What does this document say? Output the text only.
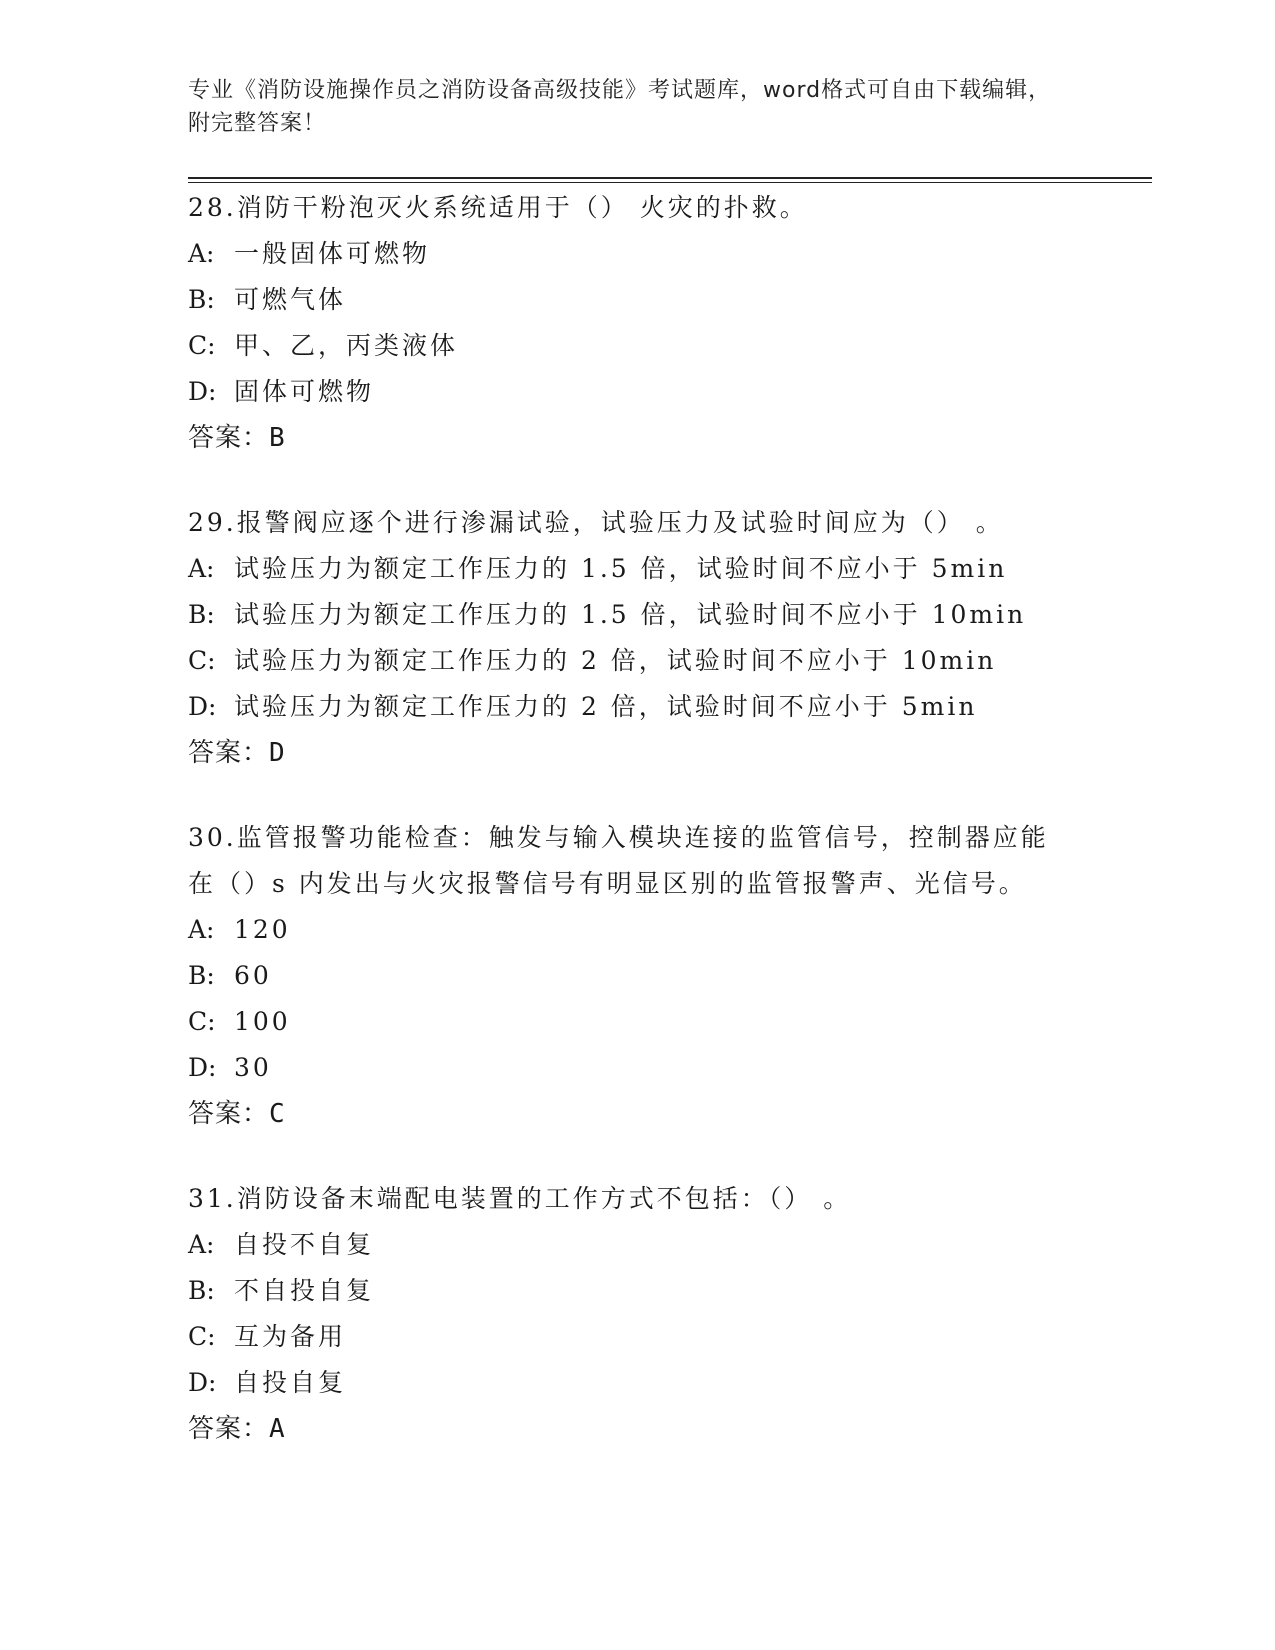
专业《消防设施操作员之消防设备高级技能》考试题库，word格式可自由下载编辑，附完整答案！

28.消防干粉泡灭火系统适用于（） 火灾的扑救。

A: 一般固体可燃物

B: 可燃气体

C: 甲、乙，丙类液体

D: 固体可燃物

答案：B

29.报警阀应逐个进行渗漏试验，试验压力及试验时间应为（） 。

A: 试验压力为额定工作压力的 1.5 倍，试验时间不应小于 5min

B: 试验压力为额定工作压力的 1.5 倍，试验时间不应小于 10min

C: 试验压力为额定工作压力的 2 倍，试验时间不应小于 10min

D: 试验压力为额定工作压力的 2 倍，试验时间不应小于 5min

答案：D

30.监管报警功能检查：触发与输入模块连接的监管信号，控制器应能在（）s 内发出与火灾报警信号有明显区别的监管报警声、光信号。

A: 120

B: 60

C: 100

D: 30

答案：C

31.消防设备末端配电装置的工作方式不包括：（） 。

A: 自投不自复

B: 不自投自复

C: 互为备用

D: 自投自复

答案：A
